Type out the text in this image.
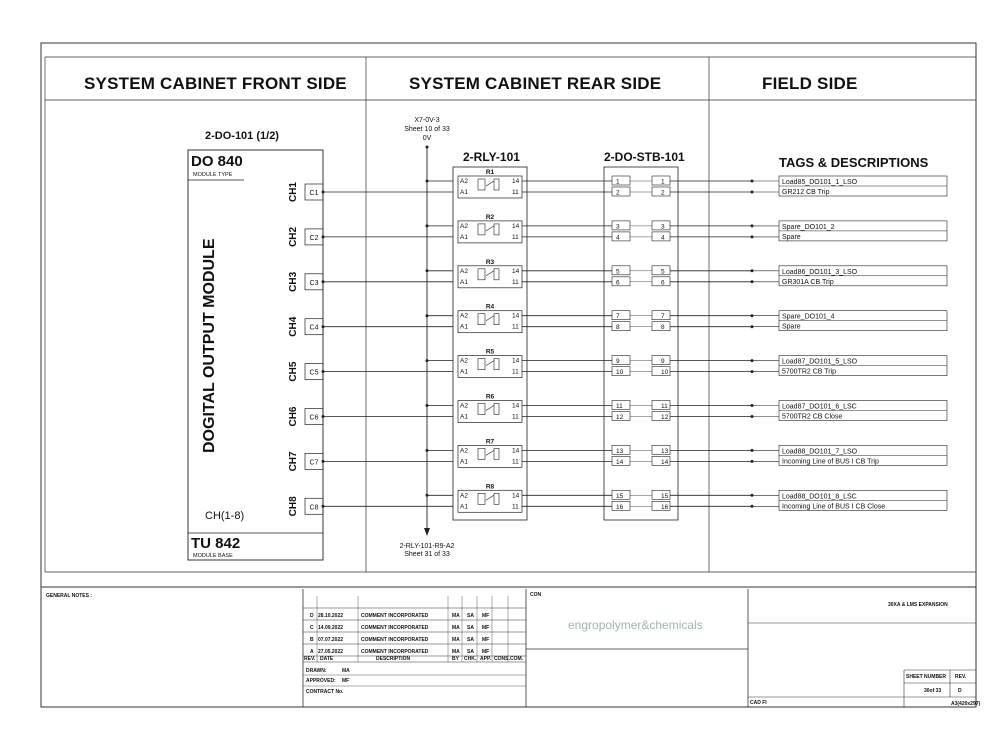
CH1 C1
R1
A2
A1
14
11
1
2
1
2
Load85_DO101_1_LSO
GR212 CB Trip
CH2 C2
R2
A2
A1
14
11
3
4
3
4
Spare_DO101_2
Spare
CH3 C3
R3
A2
A1
14
11
5
6
5
6
Load86_DO101_3_LSO
GR301A CB Trip
CH4 C4
R4
A2
A1
14
11
7
8
7
8
Spare_DO101_4
Spare
CH5 C5
R5
A2
A1
14
11
9
10
9
10
Load87_DO101_5_LSO
5700TR2 CB Trip
CH6 C6
R6
A2
A1
14
11
11
12
11
12
Load87_DO101_6_LSC
5700TR2 CB Close
CH7 C7
R7
A2
A1
14
11
13
14
13
14
Load88_DO101_7_LSO
Incoming Line of BUS I CB Trip
CH8 C8
R8
A2
A1
14
11
15
16
15
16
Load88_DO101_8_LSC
Incoming Line of BUS I CB Close
D 28.10.2022	COMMENT INCORPORATED	MA SA MF
C 14.09.2022	COMMENT INCORPORATED	MA SA MF
B 07.07.2022	COMMENT INCORPORATED	MA SA MF
A 27.05.2022	COMMENT INCORPORATED	MA SA MF
SYSTEM CABINET FRONT SIDE	SYSTEM CABINET REAR SIDE	FIELD SIDE
2-DO-101 (1/2)
DO 840
MODULE TYPE
DOGITAL OUTPUT MODULE
CH(1-8)
TU 842
MODULE BASE
X7-0V-3
Sheet 10 of 33
0V
2-RLY-101-R9-A2
Sheet 31 of 33
2-RLY-101	2-DO-STB-101	TAGS & DESCRIPTIONS
GENERAL NOTES :	CON
engropolymer&chemicals
30XA & LMS EXPANSION
SHEET NUMBER REV.
30of 33	D
CAD FI	A3(420x297)
DRAWN:	MA
APPROVED: MF
CONTRACT No.
REV. DATE	DESCRIPTION	BY CHK. APP. CONS. COM.
